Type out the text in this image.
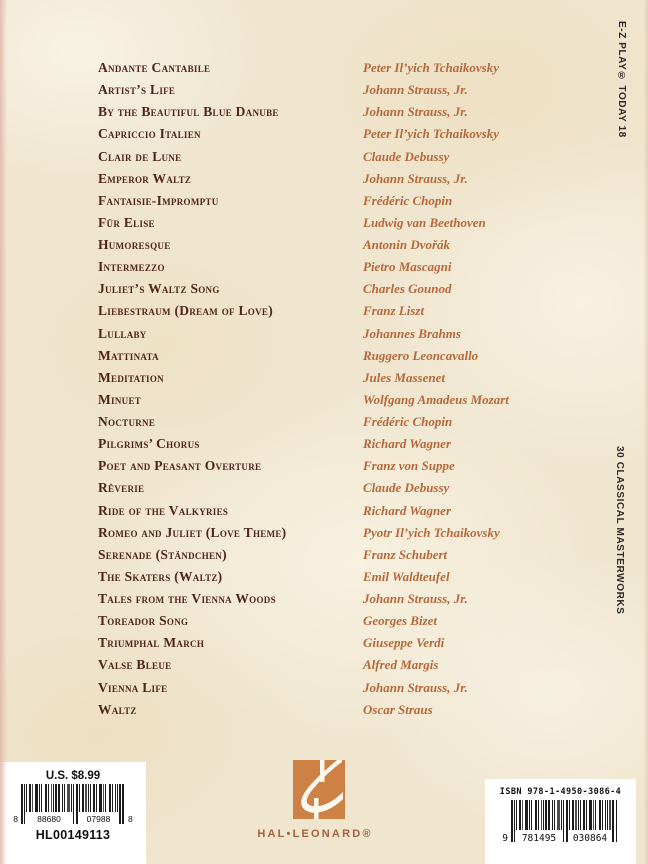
Andante Cantabile	Peter Il’yich Tchaikovsky
Artist’s Life	Johann Strauss, Jr.
By the Beautiful Blue Danube	Johann Strauss, Jr.
Capriccio Italien	Peter Il’yich Tchaikovsky
Clair de Lune	Claude Debussy
Emperor Waltz	Johann Strauss, Jr.
Fantaisie-Impromptu	Frédéric Chopin
Für Elise	Ludwig van Beethoven
Humoresque	Antonin Dvořák
Intermezzo	Pietro Mascagni
Juliet’s Waltz Song	Charles Gounod
Liebestraum (Dream of Love)	Franz Liszt
Lullaby	Johannes Brahms
Mattinata	Ruggero Leoncavallo
Meditation	Jules Massenet
Minuet	Wolfgang Amadeus Mozart
Nocturne	Frédéric Chopin
Pilgrims’ Chorus	Richard Wagner
Poet and Peasant Overture	Franz von Suppe
Rêverie	Claude Debussy
Ride of the Valkyries	Richard Wagner
Romeo and Juliet (Love Theme)	Pyotr Il’yich Tchaikovsky
Serenade (Ständchen)	Franz Schubert
The Skaters (Waltz)	Emil Waldteufel
Tales from the Vienna Woods	Johann Strauss, Jr.
Toreador Song	Georges Bizet
Triumphal March	Giuseppe Verdi
Valse Bleue	Alfred Margis
Vienna Life	Johann Strauss, Jr.
Waltz	Oscar Straus
E-Z PLAY® TODAY 18
30 CLASSICAL MASTERWORKS
U.S. $8.99
8 88680	07988 8
HL00149113	HAL•LEONARD®
ISBN 978-1-4950-3086-4
9 781495 030864
